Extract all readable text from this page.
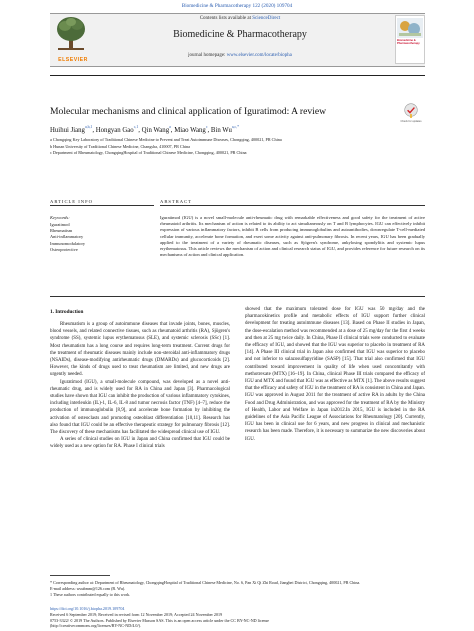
Biomedicine & Pharmacotherapy 122 (2020) 109704
ELSEVIER
Contents lists available at ScienceDirect
Biomedicine & Pharmacotherapy
journal homepage: www.elsevier.com/locate/biopha
Biomedicine & Pharmacotherapy
Molecular mechanisms and clinical application of Iguratimod: A review
Check for updates
Huihui Jiang$^{a,b,1}$, Hongyan Gao$^{c,1}$, Qin Wang$^a$, Miao Wang$^c$, Bin $Wu^{a,c,*}$
a Chongqing Key Laboratory of Traditional Chinese Medicine to Prevent and Treat Autoimmune Diseases, Chongqing, 400021, PR China
b Hunan University of Traditional Chinese Medicine, Changsha, 410007, PR China
c Department of Rheumatology, ChongqingHospital of Traditional Chinese Medicine, Chongqing, 400021, PR China
ARTICLE INFO	ABSTRACT
Keywords:
Iguratimod
Rheumatism
Anti-inflammatory
Immunomodulatory
Osteoprotective
Iguratimod (IGU) is a novel small-molecule anti-rheumatic drug with remarkable effectiveness and good safety for the treatment of active rheumatoid arthritis. Its mechanism of action is related to its ability to act simultaneously on T and B lymphocytes. IGU can effectively inhibit expression of various inflammatory factors, inhibit B cells from producing immunoglobulins and autoantibodies, downregulate T-cell-mediated cellular immunity, accelerate bone formation, and exert some activity against anti-pulmonary fibrosis. In recent years, IGU has been gradually applied to the treatment of a variety of rheumatic diseases, such as Sjögren's syndrome, ankylosing spondylitis and systemic lupus erythematosus. This article reviews the mechanism of action and clinical research status of IGU, and provides reference for future research on its mechanisms of action and clinical application.
1. Introduction

Rheumatism is a group of autoimmune diseases that invade joints, bones, muscles, blood vessels, and related connective tissues, such as rheumatoid arthritis (RA), Sjögren's syndrome (SS), systemic lupus erythematosus (SLE), and systemic sclerosis (SSc) [1]. Most rheumatism has a long course and requires long-term treatment. Current drugs for the treatment of rheumatic diseases mainly include non-steroidal anti-inflammatory drugs (NSAIDs), disease-modifying antirheumatic drugs (DMARDs) and glucocorticoids [2]. However, the kinds of drugs used to treat rheumatism are limited, and new drugs are urgently needed.

Iguratimod (IGU), a small-molecule compound, was developed as a novel anti-rheumatic drug, and is widely used for RA in China and Japan [3]. Pharmacological studies have shown that IGU can inhibit the production of various inflammatory cytokines, including interleukin (IL)-1, IL-6, IL-8 and tumor necrosis factor (TNF) [4–7], reduce the production of immunoglobulin [8,9], and accelerate bone formation by inhibiting the activation of osteoclasts and promoting osteoblast differentiation [10,11]. Research has also found that IGU could be an effective therapeutic strategy for pulmonary fibrosis [12]. The discovery of these mechanisms has facilitated the widespread clinical use of IGU.

A series of clinical studies on IGU in Japan and China confirmed that IGU could be widely used as a new option for RA. Phase I clinical trials

showed that the maximum tolerated dose for IGU was 50 mg/day and the pharmacokinetics profile and metabolic effects of IGU support further clinical development for treating autoimmune diseases [13]. Based on Phase II studies in Japan, the dose-escalation method was recommended at a dose of 25 mg/day for the first 4 weeks and then at 25 mg twice daily. In China, Phase II clinical trials were conducted to evaluate the efficacy of IGU, and showed that the IGU was superior to placebo in treatment of RA [14]. A Phase III clinical trial in Japan also confirmed that IGU was superior to placebo and not inferior to salazosulfapyridine (SASP) [15]. That trial also confirmed that IGU contributed toward improvement in quality of life when used concomitantly with methotrexate (MTX) [16–19]. In China, clinical Phase III trials compared the efficacy of IGU and MTX and found that IGU was as effective as MTX [1]. The above results suggest that the efficacy and safety of IGU in the treatment of RA is consistent in China and Japan. IGU was approved in August 2011 for the treatment of active RA in adults by the China Food and Drug Administration, and was approved for the treatment of RA by the Ministry of Health, Labor and Welfare in Japan in2012.In 2015, IGU is included in the RA guidelines of the Asia Pacific League of Associations for Rheumatology [20]. Currently, IGU has been in clinical use for 6 years, and new progress in clinical and mechanistic research has been made. Therefore, it is necessary to summarize the new discoveries about IGU.

* Corresponding author at: Department of Rheumatology, ChongqingHospital of Traditional Chinese Medicine, No. 6, Pan Xi Qi Zhi Road, Jiangbei District, Chongqing, 400021, PR China.
E-mail address: wuubmm@126.com (B. Wu).
1 These authors contributed equally to this work.
https://doi.org/10.1016/j.biopha.2019.109704
Received 6 September 2019; Received in revised form 12 November 2019; Accepted 24 November 2019
0753-3322/ © 2019 The Authors. Published by Elsevier Masson SAS. This is an open access article under the CC BY-NC-ND license
(http://creativecommons.org/licenses/BY-NC-ND/4.0/).
